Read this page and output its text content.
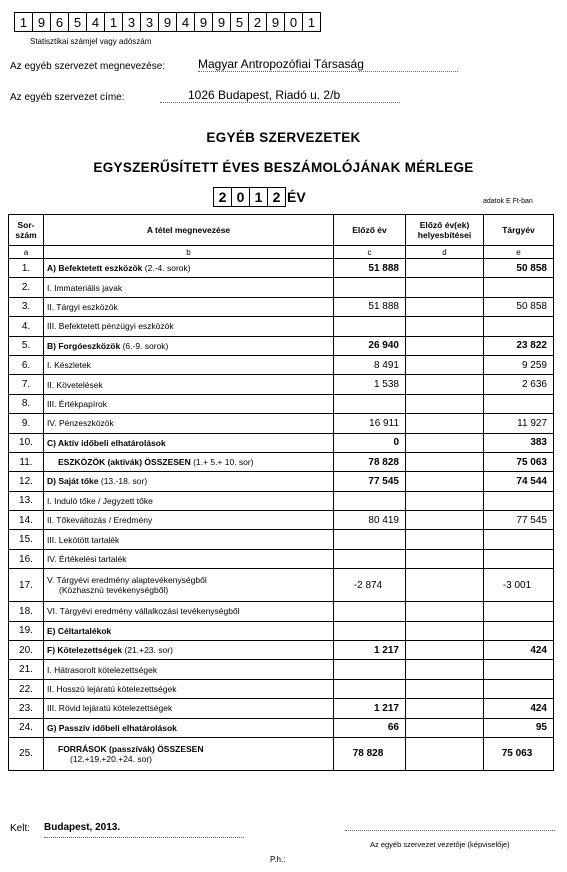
1 9 6 5 4 1 3 3 9 4 9 9 5 2 9 0 1
Statisztikai számjel vagy adószám
Az egyéb szervezet megnevezése:	Magyar Antropozófiai Társaság
Az egyéb szervezet címe:	1026 Budapest, Riadó u. 2/b
EGYÉB SZERVEZETEK
EGYSZERŰSÍTETT ÉVES BESZÁMOLÓJÁNAK MÉRLEGE
2 0 1 2 ÉV	adatok E Ft-ban
Sor-szám	A tétel megnevezése	Előző év	Előző év(ek) helyesbítései	Tárgyév
a	b	c	d	e
1.	A) Befektetett eszközök (2.-4. sorok)	51 888		50 858
2.	I. Immateriális javak			
3.	II. Tárgyi eszközök	51 888		50 858
4.	III. Befektetett pénzügyi eszközök			
5.	B) Forgóeszközök (6.-9. sorok)	26 940		23 822
6.	I. Készletek	8 491		9 259
7.	II. Követelések	1 538		2 636
8.	III. Értékpapírok			
9.	IV. Pénzeszközök	16 911		11 927
10.	C) Aktív időbeli elhatárolások	0		383
11.	ESZKÖZÖK (aktívák) ÖSSZESEN (1.+ 5.+ 10. sor)	78 828		75 063
12.	D) Saját tőke (13.-18. sor)	77 545		74 544
13.	I. Induló tőke / Jegyzett tőke			
14.	II. Tőkeváltozás / Eredmény	80 419		77 545
15.	III. Lekötött tartalék			
16.	IV. Értékelési tartalék			
17.	V. Tárgyévi eredmény alaptevékenységből
(Közhasznú tevékenységből)	-2 874		-3 001
18.	VI. Tárgyévi eredmény vállalkozási tevékenységből			
19.	E) Céltartalékok			
20.	F) Kötelezettségek (21.+23. sor)	1 217		424
21.	I. Hátrasorolt kötelezettségek			
22.	II. Hosszú lejáratú kötelezettségek			
23.	III. Rövid lejáratú kötelezettségek	1 217		424
24.	G) Passzív időbeli elhatárolások	66		95
25.	FORRÁSOK (passzívák) ÖSSZESEN
(12.+19.+20.+24. sor)	78 828		75 063
Kelt: Budapest, 2013.
Az egyéb szervezet vezetője (képviselője)
P.h.:
